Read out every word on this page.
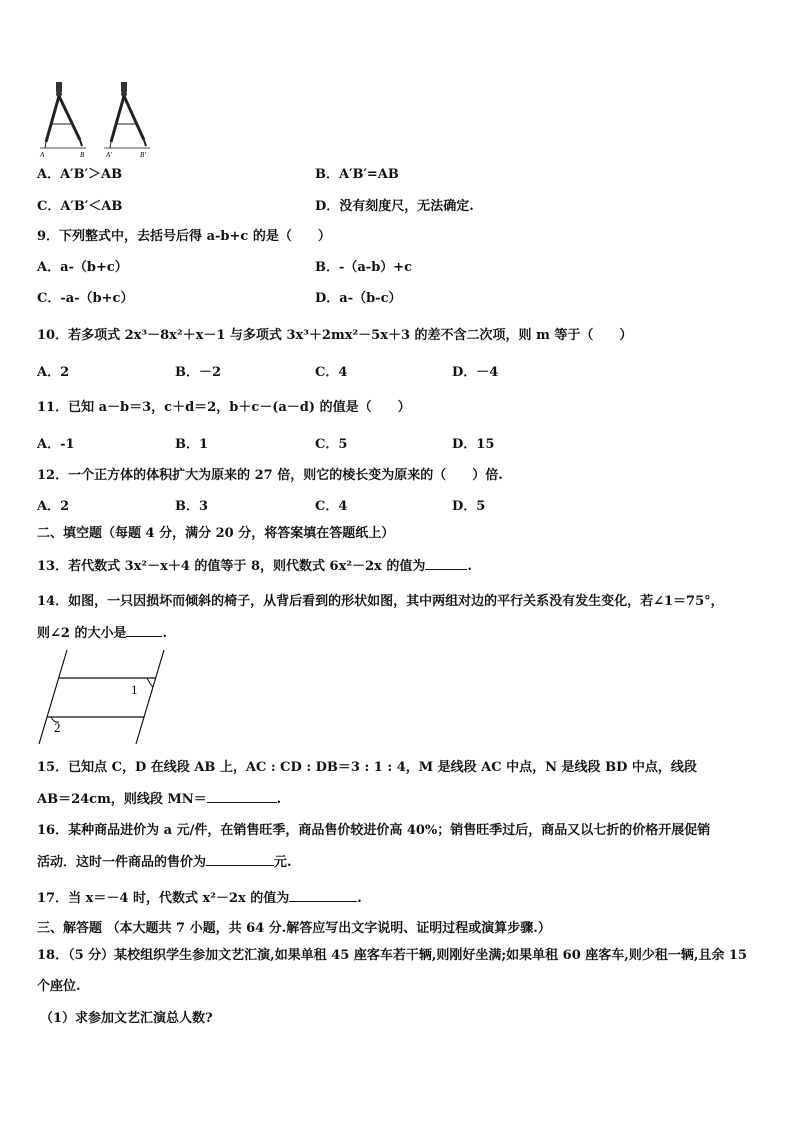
A	B	A'	B'
A．A′B′＞AB	B．A′B′=AB
C．A′B′＜AB	D．没有刻度尺，无法确定.
9．下列整式中，去括号后得 a-b+c 的是（　　）
A．a-（b+c）	B．-（a-b）+c
C．-a-（b+c）	D．a-（b-c）
10．若多项式 2x³－8x²＋x－1 与多项式 3x³＋2mx²－5x＋3 的差不含二次项，则 m 等于（　　）
A．2	B．－2	C．4	D．－4
11．已知 a－b＝3，c＋d＝2，b＋c－(a－d) 的值是（　　）
A．-1	B．1	C．5	D．15
12．一个正方体的体积扩大为原来的 27 倍，则它的棱长变为原来的（　　）倍.
A．2	B．3	C．4	D．5
二、填空题（每题 4 分，满分 20 分，将答案填在答题纸上）
13．若代数式 3x²－x＋4 的值等于 8，则代数式 6x²－2x 的值为	.
14．如图，一只因损坏而倾斜的椅子，从背后看到的形状如图，其中两组对边的平行关系没有发生变化，若∠1＝75°，
则∠2 的大小是	.
1
2
15．已知点 C，D 在线段 AB 上，AC : CD : DB＝3 : 1 : 4，M 是线段 AC 中点，N 是线段 BD 中点，线段
AB＝24cm，则线段 MN＝	.
16．某种商品进价为 a 元/件，在销售旺季，商品售价较进价高 40%；销售旺季过后，商品又以七折的价格开展促销
活动．这时一件商品的售价为	元.
17．当 x＝－4 时，代数式 x²－2x 的值为	.
三、解答题 （本大题共 7 小题，共 64 分.解答应写出文字说明、证明过程或演算步骤.）
18．（5 分）某校组织学生参加文艺汇演,如果单租 45 座客车若干辆,则刚好坐满;如果单租 60 座客车,则少租一辆,且余 15
个座位.
（1）求参加文艺汇演总人数?
